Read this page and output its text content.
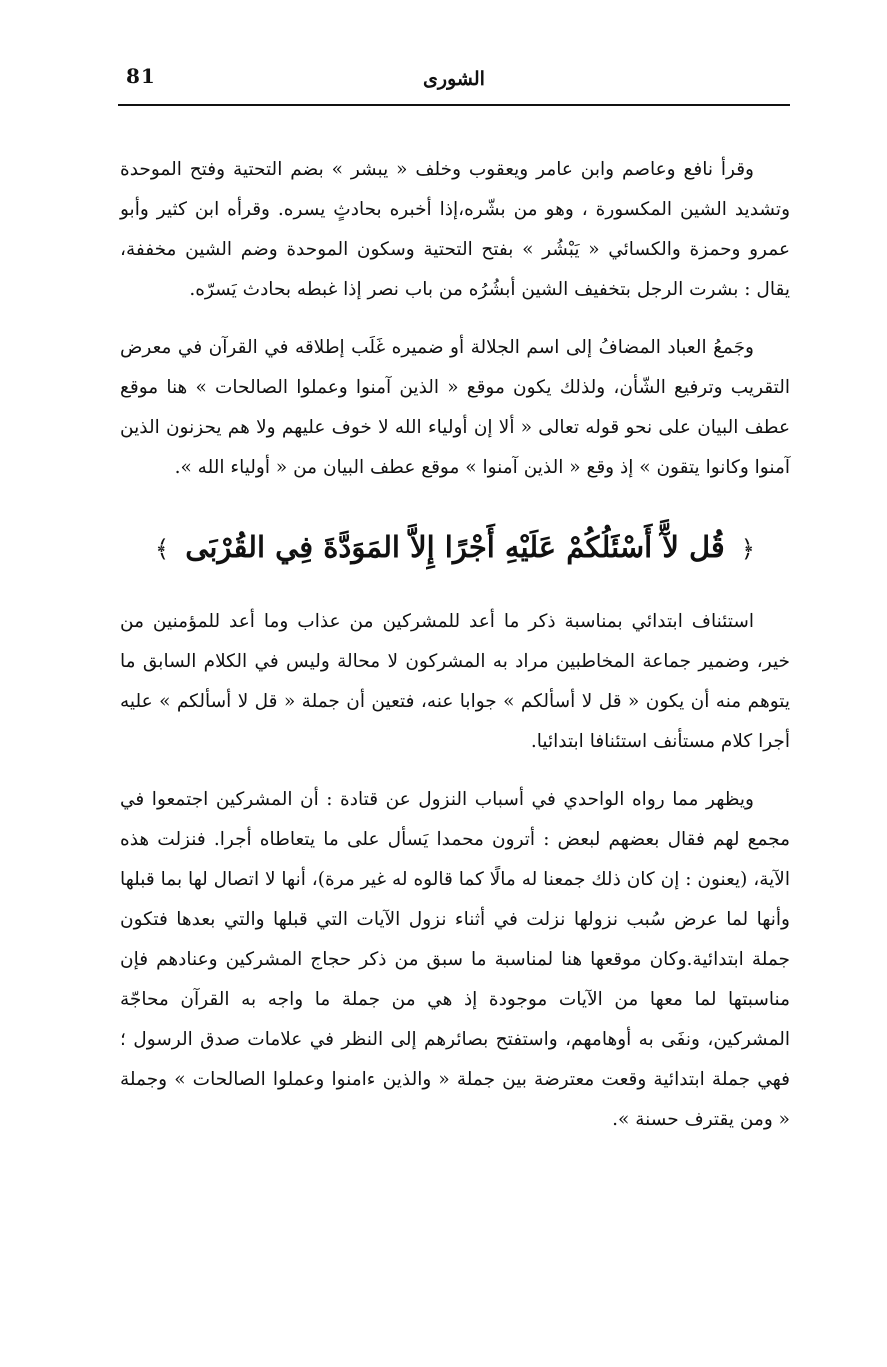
81	الشورى

وقرأ نافع وعاصم وابن عامر ويعقوب وخلف « يبشر » بضم التحتية وفتح الموحدة وتشديد الشين المكسورة ، وهو من بشّره،إذا أخبره بحادثٍ يسره. وقرأه ابن كثير وأبو عمرو وحمزة والكسائي « يَبْشُر » بفتح التحتية وسكون الموحدة وضم الشين مخففة، يقال : بشرت الرجل بتخفيف الشين أبشُرُه من باب نصر إذا غبطه بحادث يَسرّه.

وجَمعُ العباد المضافُ إلى اسم الجلالة أو ضميره غَلَب إطلاقه في القرآن في معرض التقريب وترفيع الشّأن، ولذلك يكون موقع « الذين آمنوا وعملوا الصالحات » هنا موقع عطف البيان على نحو قوله تعالى « ألا إن أولياء الله لا خوف عليهم ولا هم يحزنون الذين آمنوا وكانوا يتقون » إذ وقع « الذين آمنوا » موقع عطف البيان من « أولياء الله ».

﴿ قُل لآَّ أَسْئَلُكُمْ عَلَيْهِ أَجْرًا إِلاَّ المَوَدَّةَ فِي القُرْبَى ﴾

استئناف ابتدائي بمناسبة ذكر ما أعد للمشركين من عذاب وما أعد للمؤمنين من خير، وضمير جماعة المخاطبين مراد به المشركون لا محالة وليس في الكلام السابق ما يتوهم منه أن يكون « قل لا أسألكم » جوابا عنه، فتعين أن جملة « قل لا أسألكم » عليه أجرا كلام مستأنف استئنافا ابتدائيا.

ويظهر مما رواه الواحدي في أسباب النزول عن قتادة : أن المشركين اجتمعوا في مجمع لهم فقال بعضهم لبعض : أترون محمدا يَسأل على ما يتعاطاه أجرا. فنزلت هذه الآية، (يعنون : إن كان ذلك جمعنا له مالًا كما قالوه له غير مرة)، أنها لا اتصال لها بما قبلها وأنها لما عرض سُبب نزولها نزلت في أثناء نزول الآيات التي قبلها والتي بعدها فتكون جملة ابتدائية.وكان موقعها هنا لمناسبة ما سبق من ذكر حجاج المشركين وعنادهم فإن مناسبتها لما معها من الآيات موجودة إذ هي من جملة ما واجه به القرآن محاجّة المشركين، ونفَى به أوهامهم، واستفتح بصائرهم إلى النظر في علامات صدق الرسول ؛ فهي جملة ابتدائية وقعت معترضة بين جملة « والذين ءامنوا وعملوا الصالحات » وجملة « ومن يقترف حسنة ».
